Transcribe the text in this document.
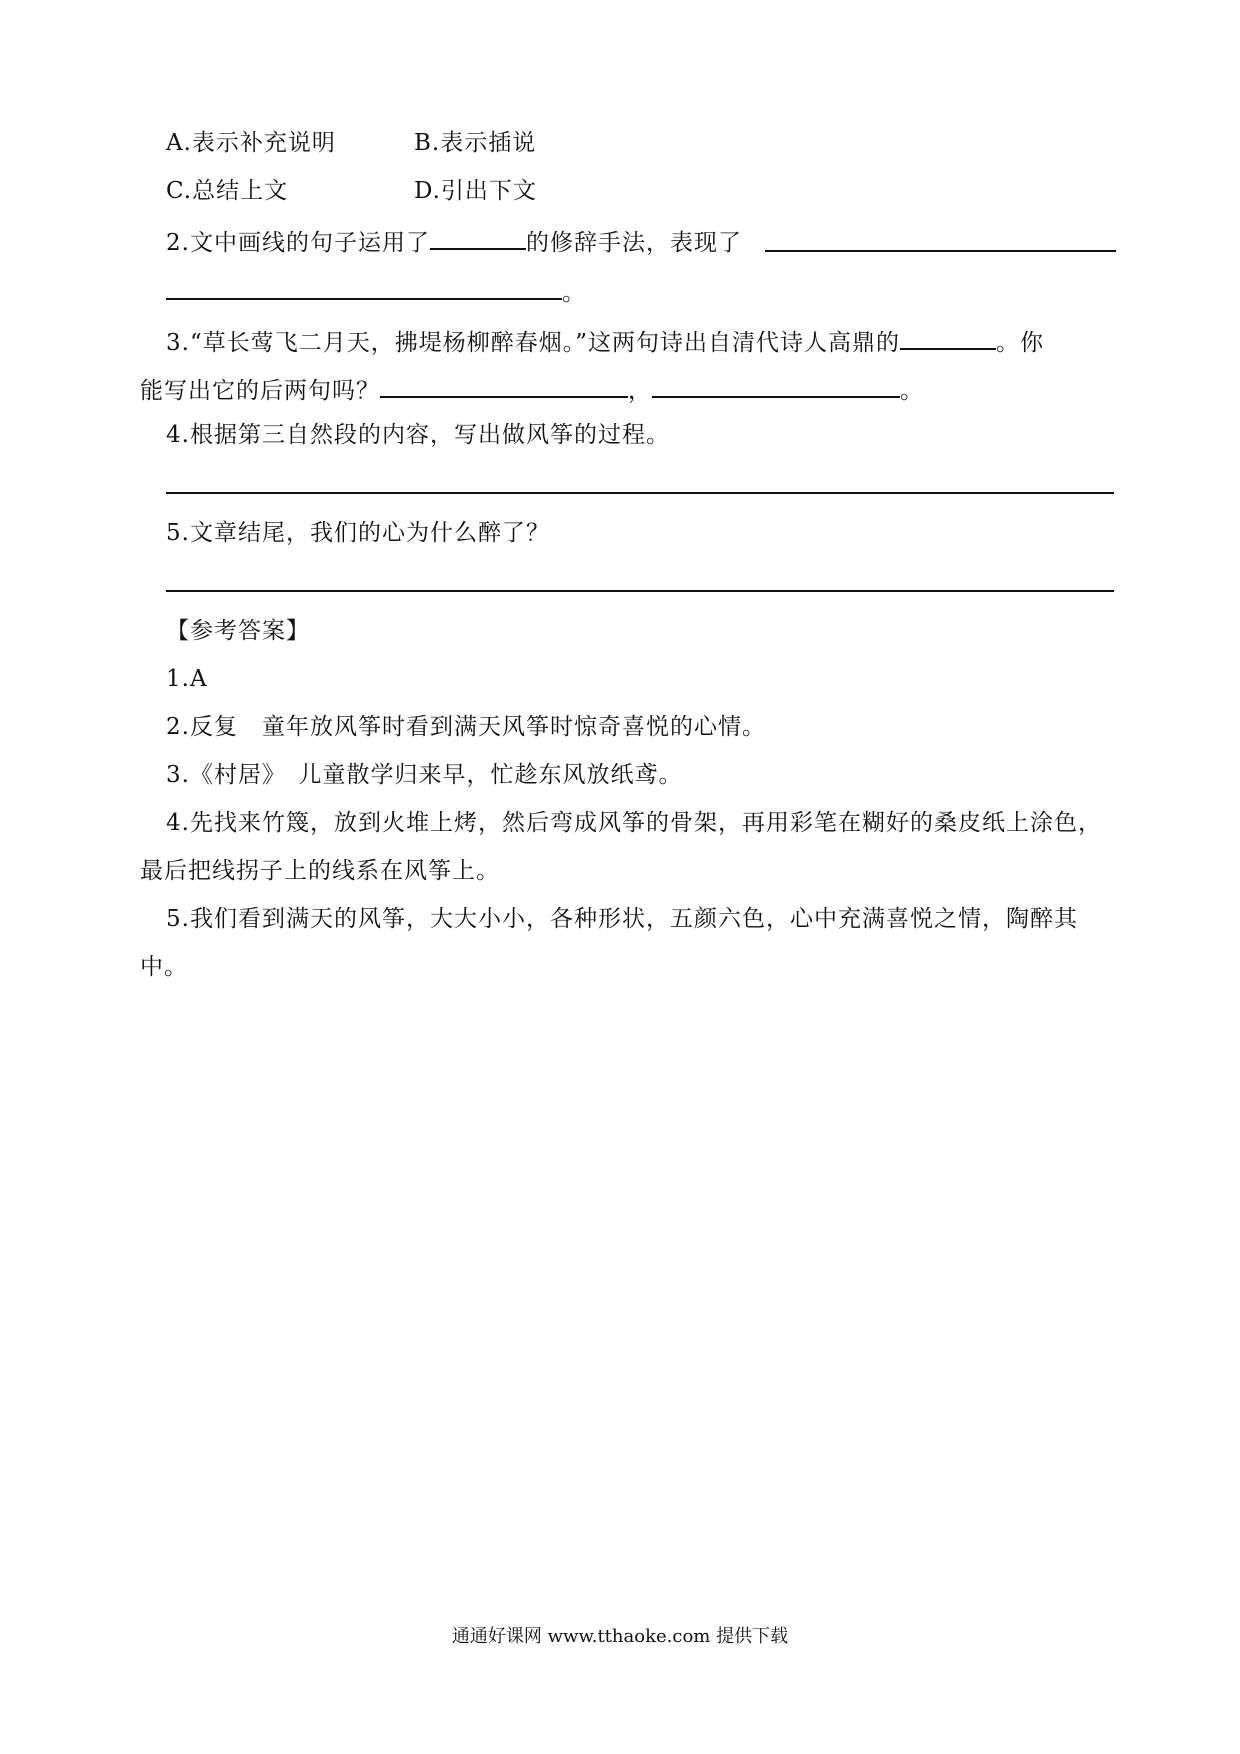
A.表示补充说明	B.表示插说
C.总结上文	D.引出下文
2.文中画线的句子运用了	的修辞手法，表现了
。
3.“草长莺飞二月天，拂堤杨柳醉春烟。”这两句诗出自清代诗人高鼎的	。你
能写出它的后两句吗？	，	。
4.根据第三自然段的内容，写出做风筝的过程。
5.文章结尾，我们的心为什么醉了？
【参考答案】
1.A
2.反复　童年放风筝时看到满天风筝时惊奇喜悦的心情。
3.《村居》　儿童散学归来早，忙趁东风放纸鸢。
4.先找来竹篾，放到火堆上烤，然后弯成风筝的骨架，再用彩笔在糊好的桑皮纸上涂色，
最后把线拐子上的线系在风筝上。
5.我们看到满天的风筝，大大小小，各种形状，五颜六色，心中充满喜悦之情，陶醉其
中。
通通好课网 www.tthaoke.com 提供下载
